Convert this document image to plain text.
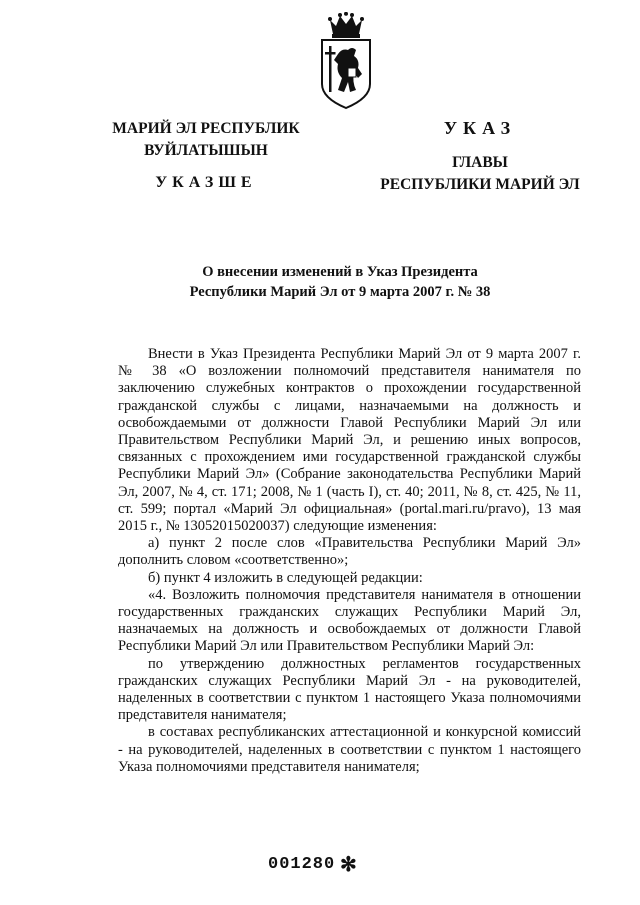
МАРИЙ ЭЛ РЕСПУБЛИК
ВУЙЛАТЫШЫН
УКАЗШЕ
УКАЗ
ГЛАВЫ
РЕСПУБЛИКИ МАРИЙ ЭЛ
О внесении изменений в Указ Президента
Республики Марий Эл от 9 марта 2007 г. № 38

Внести в Указ Президента Республики Марий Эл от 9 марта 2007 г. № 38 «О возложении полномочий представителя нанимателя по заключению служебных контрактов о прохождении государственной гражданской службы с лицами, назначаемыми на должность и освобождаемыми от должности Главой Республики Марий Эл или Правительством Республики Марий Эл, и решению иных вопросов, связанных с прохождением ими государственной гражданской службы Республики Марий Эл» (Собрание законодательства Республики Марий Эл, 2007, № 4, ст. 171; 2008, № 1 (часть I), ст. 40; 2011, № 8, ст. 425, № 11, ст. 599; портал «Марий Эл официальная» (portal.mari.ru/pravo), 13 мая 2015 г., № 13052015020037) следующие изменения:

а) пункт 2 после слов «Правительства Республики Марий Эл» дополнить словом «соответственно»;

б) пункт 4 изложить в следующей редакции:

«4. Возложить полномочия представителя нанимателя в отношении государственных гражданских служащих Республики Марий Эл, назначаемых на должность и освобождаемых от должности Главой Республики Марий Эл или Правительством Республики Марий Эл:

по утверждению должностных регламентов государственных гражданских служащих Республики Марий Эл - на руководителей, наделенных в соответствии с пунктом 1 настоящего Указа полномочиями представителя нанимателя;

в составах республиканских аттестационной и конкурсной комиссий - на руководителей, наделенных в соответствии с пунктом 1 настоящего Указа полномочиями представителя нанимателя;

001280 ✻
